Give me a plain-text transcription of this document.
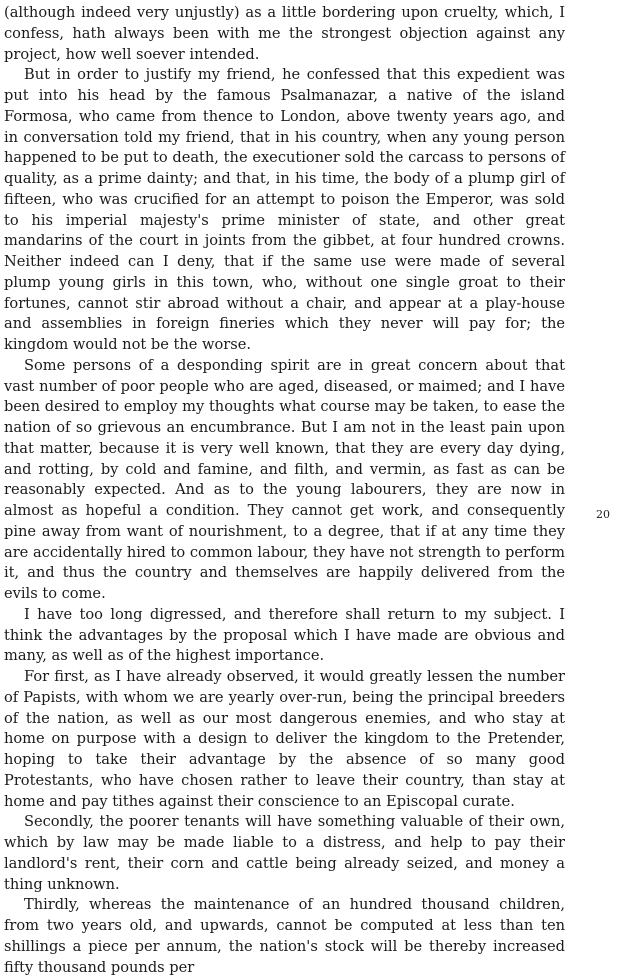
(although indeed very unjustly) as a little bordering upon cruelty, which, I confess, hath always been with me the strongest objection against any project, how well soever intended.

But in order to justify my friend, he confessed that this expedient was put into his head by the famous Psalmanazar, a native of the island Formosa, who came from thence to London, above twenty years ago, and in conversation told my friend, that in his country, when any young person happened to be put to death, the executioner sold the carcass to persons of quality, as a prime dainty; and that, in his time, the body of a plump girl of fifteen, who was crucified for an attempt to poison the Emperor, was sold to his imperial majesty's prime minister of state, and other great mandarins of the court in joints from the gibbet, at four hundred crowns. Neither indeed can I deny, that if the same use were made of several plump young girls in this town, who, without one single groat to their fortunes, cannot stir abroad without a chair, and appear at a play-house and assemblies in foreign fineries which they never will pay for; the kingdom would not be the worse.

Some persons of a desponding spirit are in great concern about that vast number of poor people who are aged, diseased, or maimed; and I have been desired to employ my thoughts what course may be taken, to ease the nation of so grievous an encumbrance. But I am not in the least pain upon that matter, because it is very well known, that they are every day dying, and rotting, by cold and famine, and filth, and vermin, as fast as can be reasonably expected. And as to the young labourers, they are now in almost as hopeful a condition. They cannot get work, and consequently pine away from want of nourishment, to a degree, that if at any time they are accidentally hired to common labour, they have not strength to perform it, and thus the country and themselves are happily delivered from the evils to come.

I have too long digressed, and therefore shall return to my subject. I think the advantages by the proposal which I have made are obvious and many, as well as of the highest importance.

For first, as I have already observed, it would greatly lessen the number of Papists, with whom we are yearly over-run, being the principal breeders of the nation, as well as our most dangerous enemies, and who stay at home on purpose with a design to deliver the kingdom to the Pretender, hoping to take their advantage by the absence of so many good Protestants, who have chosen rather to leave their country, than stay at home and pay tithes against their conscience to an Episcopal curate.

Secondly, the poorer tenants will have something valuable of their own, which by law may be made liable to a distress, and help to pay their landlord's rent, their corn and cattle being already seized, and money a thing unknown.

Thirdly, whereas the maintenance of an hundred thousand children, from two years old, and upwards, cannot be computed at less than ten shillings a piece per annum, the nation's stock will be thereby increased fifty thousand pounds per

20
